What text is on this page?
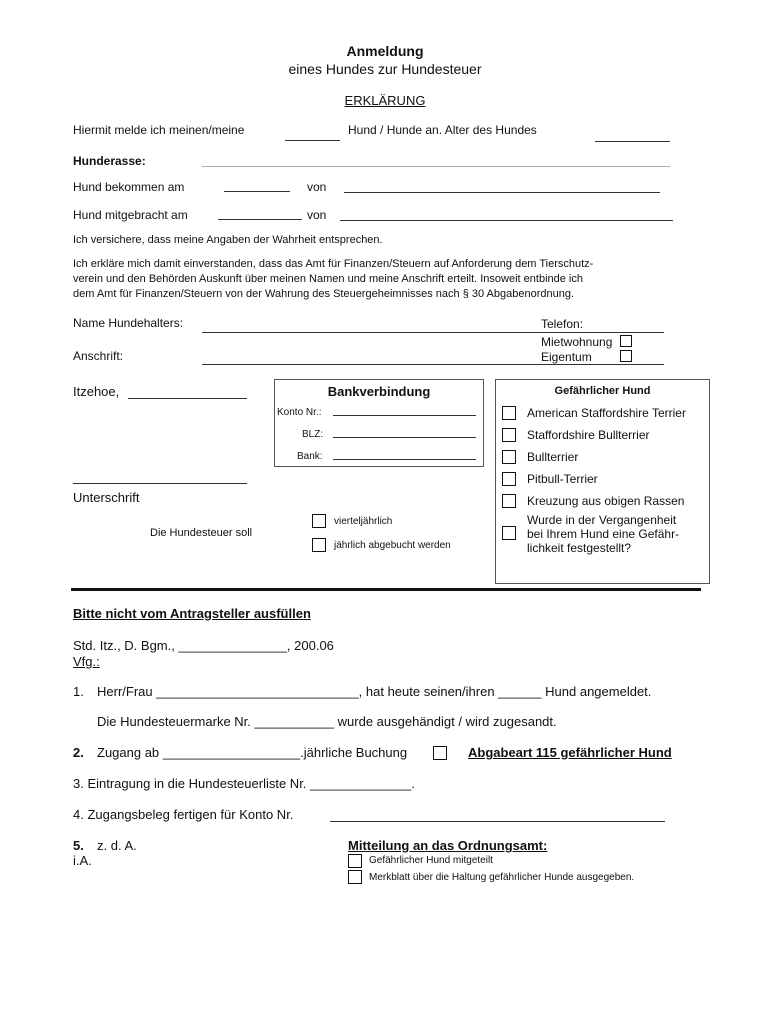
Anmeldung
eines Hundes zur Hundesteuer
ERKLÄRUNG
Hiermit melde ich meinen/meine	Hund / Hunde an. Alter des Hundes
Hunderasse:
Hund bekommen am	von
Hund mitgebracht am	von
Ich versichere, dass meine Angaben der Wahrheit entsprechen.
Ich erkläre mich damit einverstanden, dass das Amt für Finanzen/Steuern auf Anforderung dem Tierschutz-
verein und den Behörden Auskunft über meinen Namen und meine Anschrift erteilt. Insoweit entbinde ich
dem Amt für Finanzen/Steuern von der Wahrung des Steuergeheimnisses nach § 30 Abgabenordnung.
Name Hundehalters:	Telefon:
Mietwohnung
Eigentum
Anschrift:
Itzehoe,
Unterschrift
Bankverbindung
Konto Nr.:
BLZ:
Bank:
Die Hundesteuer soll
vierteljährlich
jährlich abgebucht werden
Gefährlicher Hund
American Staffordshire Terrier
Staffordshire Bullterrier
Bullterrier
Pitbull-Terrier
Kreuzung aus obigen Rassen
Wurde in der Vergangenheit
bei Ihrem Hund eine Gefähr-
lichkeit festgestellt?
Bitte nicht vom Antragsteller ausfüllen
Std. Itz., D. Bgm., _______________, 200.06
Vfg.:
1. Herr/Frau ____________________________, hat heute seinen/ihren ______ Hund angemeldet.
Die Hundesteuermarke Nr. ___________ wurde ausgehändigt / wird zugesandt.
2. Zugang ab ___________________.jährliche Buchung	Abgabeart 115 gefährlicher Hund
3. Eintragung in die Hundesteuerliste Nr. ______________.
4. Zugangsbeleg fertigen für Konto Nr.
5. z. d. A.
i.A.
Mitteilung an das Ordnungsamt:
Gefährlicher Hund mitgeteilt
Merkblatt über die Haltung gefährlicher Hunde ausgegeben.
